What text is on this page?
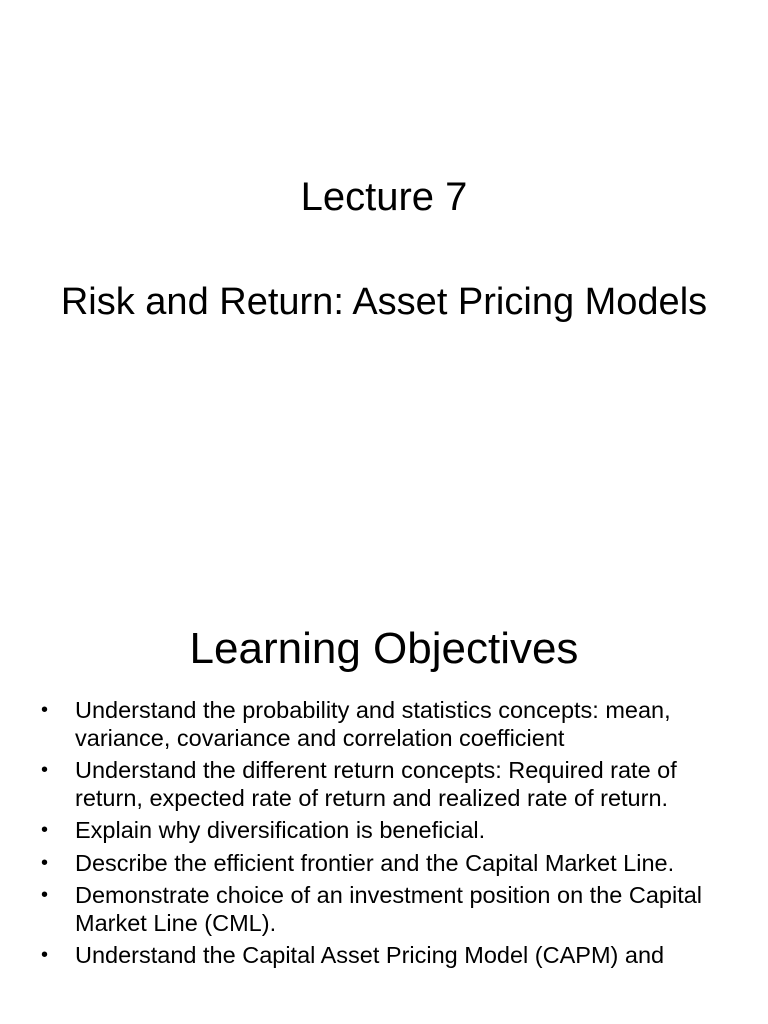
Lecture 7
Risk and Return: Asset Pricing Models
Learning Objectives
• Understand the probability and statistics concepts: mean, variance, covariance and correlation coefficient
• Understand the different return concepts: Required rate of return, expected rate of return and realized rate of return.
• Explain why diversification is beneficial.
• Describe the efficient frontier and the Capital Market Line.
• Demonstrate choice of an investment position on the Capital Market Line (CML).
• Understand the Capital Asset Pricing Model (CAPM) and
